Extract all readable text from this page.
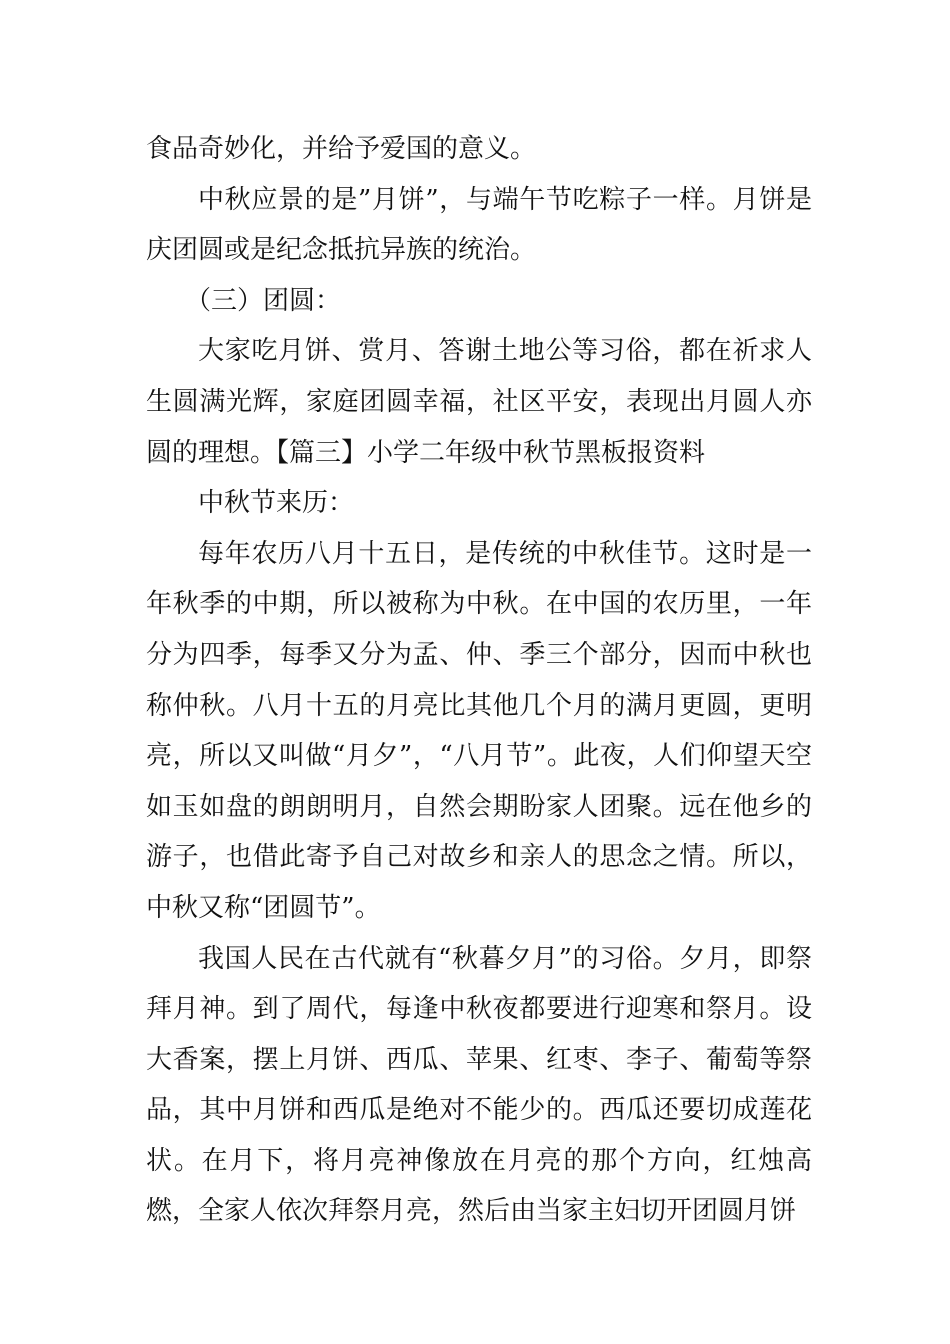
食品奇妙化，并给予爱国的意义。

中秋应景的是”月饼”，与端午节吃粽子一样。月饼是庆团圆或是纪念抵抗异族的统治。

（三）团圆：

大家吃月饼、赏月、答谢土地公等习俗，都在祈求人生圆满光辉，家庭团圆幸福，社区平安，表现出月圆人亦圆的理想。【篇三】小学二年级中秋节黑板报资料

中秋节来历：

每年农历八月十五日，是传统的中秋佳节。这时是一年秋季的中期，所以被称为中秋。在中国的农历里，一年分为四季，每季又分为孟、仲、季三个部分，因而中秋也称仲秋。八月十五的月亮比其他几个月的满月更圆，更明亮，所以又叫做“月夕”，“八月节”。此夜，人们仰望天空如玉如盘的朗朗明月，自然会期盼家人团聚。远在他乡的游子，也借此寄予自己对故乡和亲人的思念之情。所以，中秋又称“团圆节”。

我国人民在古代就有“秋暮夕月”的习俗。夕月，即祭拜月神。到了周代，每逢中秋夜都要进行迎寒和祭月。设大香案，摆上月饼、西瓜、苹果、红枣、李子、葡萄等祭品，其中月饼和西瓜是绝对不能少的。西瓜还要切成莲花状。在月下，将月亮神像放在月亮的那个方向，红烛高燃，全家人依次拜祭月亮，然后由当家主妇切开团圆月饼
